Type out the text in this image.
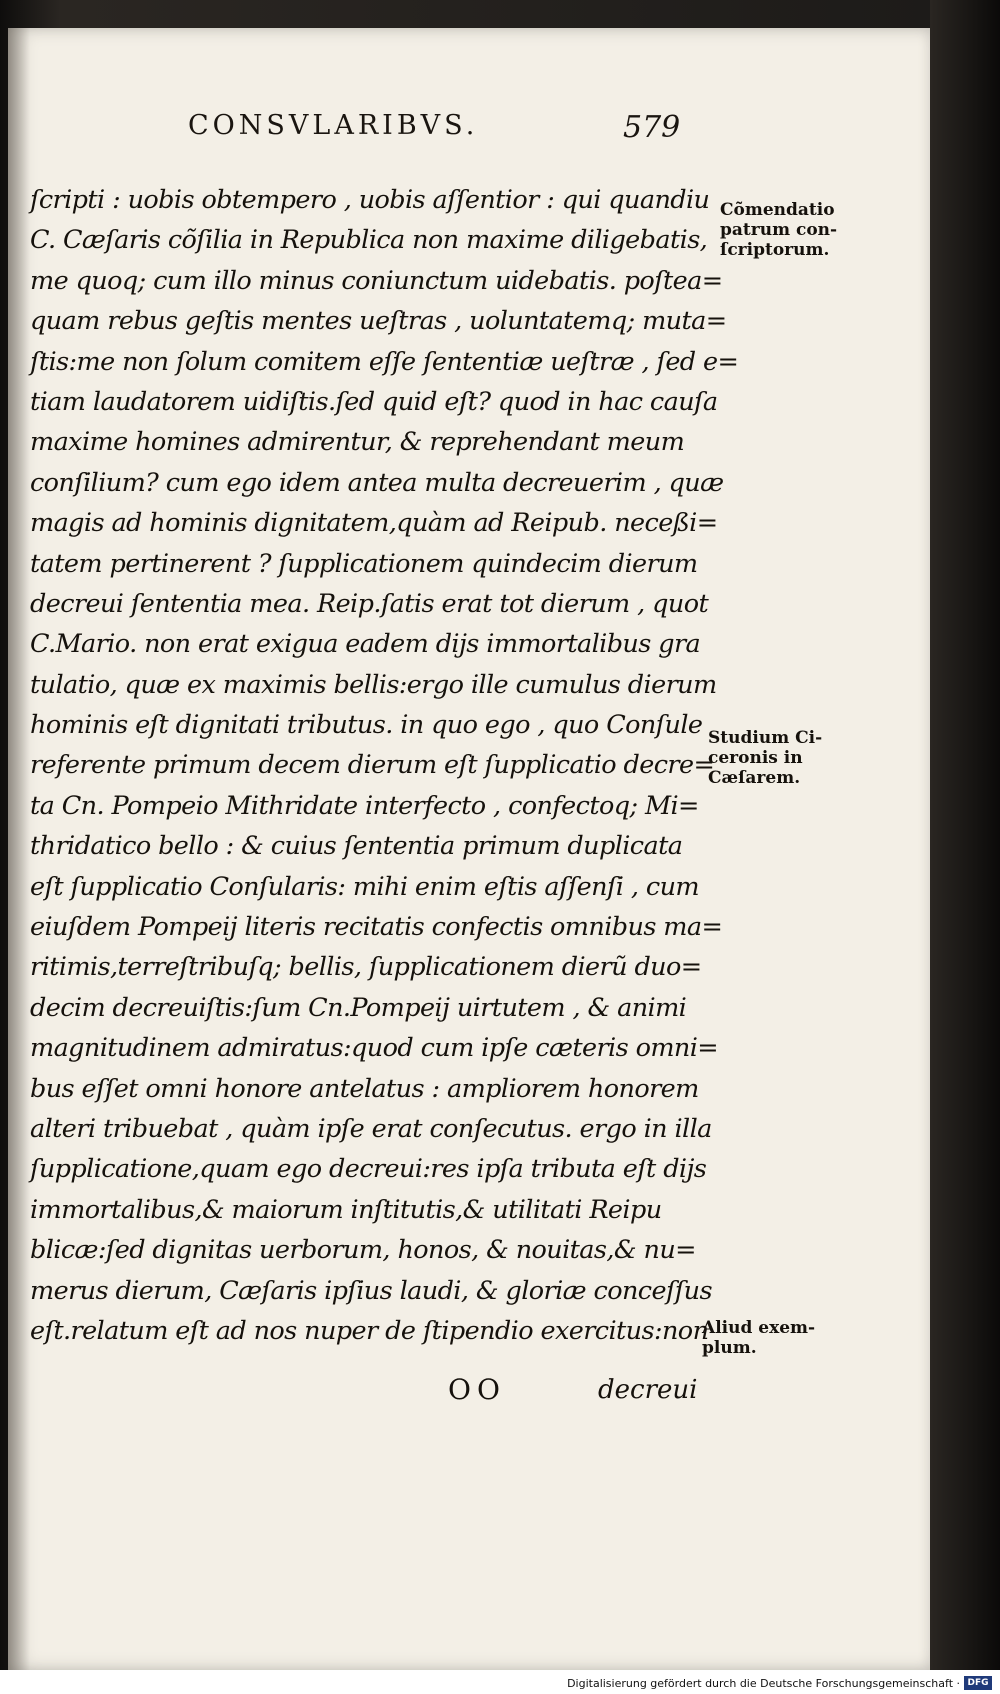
CONSVLARIBVS.	579
ſcripti : uobis obtempero , uobis aſſentior : qui quandiu
C. Cæſaris cõſilia in Republica non maxime diligebatis,
me quoq; cum illo minus coniunctum uidebatis. poſtea=
quam rebus geſtis mentes ueſtras , uoluntatemq; muta=
ſtis:me non ſolum comitem eſſe ſententiæ ueſtræ , ſed e=
tiam laudatorem uidiſtis.ſed quid eſt? quod in hac cauſa
maxime homines admirentur, & reprehendant meum
conſilium? cum ego idem antea multa decreuerim , quæ
magis ad hominis dignitatem,quàm ad Reipub. neceßi=
tatem pertinerent ? ſupplicationem quindecim dierum
decreui ſententia mea. Reip.ſatis erat tot dierum , quot
C.Mario. non erat exigua eadem dijs immortalibus gra
tulatio, quæ ex maximis bellis:ergo ille cumulus dierum
hominis eſt dignitati tributus. in quo ego , quo Conſule
referente primum decem dierum eſt ſupplicatio decre=
ta Cn. Pompeio Mithridate interfecto , confectoq; Mi=
thridatico bello : & cuius ſententia primum duplicata
eſt ſupplicatio Conſularis: mihi enim eſtis aſſenſi , cum
eiuſdem Pompeij literis recitatis confectis omnibus ma=
ritimis,terreſtribuſq; bellis, ſupplicationem dierũ duo=
decim decreuiſtis:ſum Cn.Pompeij uirtutem , & animi
magnitudinem admiratus:quod cum ipſe cæteris omni=
bus eſſet omni honore antelatus : ampliorem honorem
alteri tribuebat , quàm ipſe erat conſecutus. ergo in illa
ſupplicatione,quam ego decreui:res ipſa tributa eſt dijs
immortalibus,& maiorum inſtitutis,& utilitati Reipu
blicæ:ſed dignitas uerborum, honos, & nouitas,& nu=
merus dierum, Cæſaris ipſius laudi, & gloriæ conceſſus
eſt.relatum eſt ad nos nuper de ſtipendio exercitus:non
Cõmendatio
patrum con-
ſcriptorum.
Studium Ci-
ceronis in
Cæſarem.
Aliud exem-
plum.
OO	decreui
Digitalisierung gefördert durch die Deutsche Forschungsgemeinschaft · DFG
